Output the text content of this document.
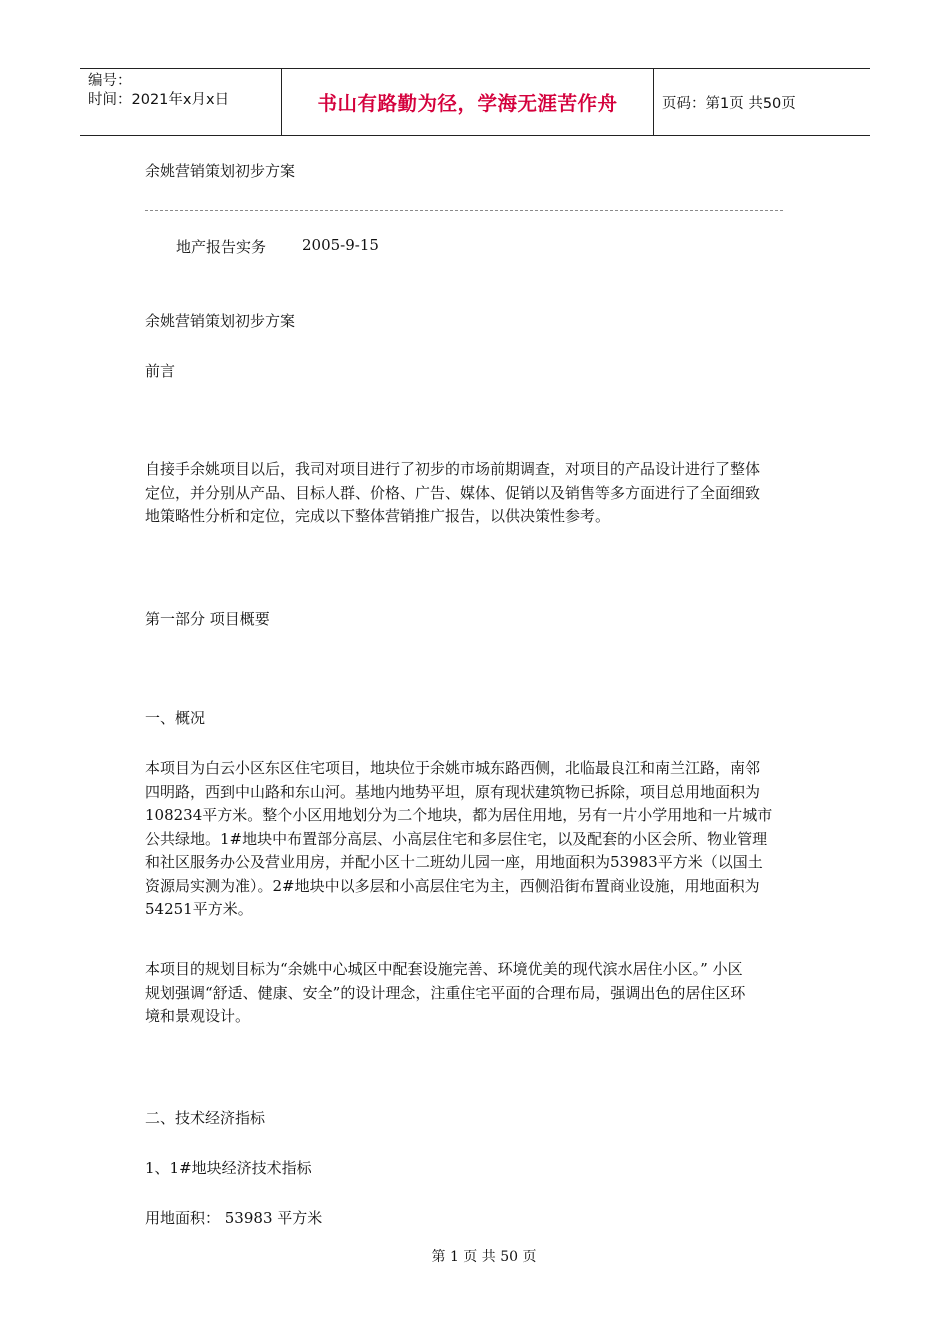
编号：
时间：2021年x月x日	书山有路勤为径，学海无涯苦作舟	页码：第1页 共50页

余姚营销策划初步方案

地产报告实务 2005-9-15

余姚营销策划初步方案

前言

自接手余姚项目以后，我司对项目进行了初步的市场前期调查，对项目的产品设计进行了整体
定位，并分别从产品、目标人群、价格、广告、媒体、促销以及销售等多方面进行了全面细致
地策略性分析和定位，完成以下整体营销推广报告，以供决策性参考。

第一部分 项目概要

一、概况

本项目为白云小区东区住宅项目，地块位于余姚市城东路西侧，北临最良江和南兰江路，南邻
四明路，西到中山路和东山河。基地内地势平坦，原有现状建筑物已拆除，项目总用地面积为
108234平方米。整个小区用地划分为二个地块，都为居住用地，另有一片小学用地和一片城市
公共绿地。1#地块中布置部分高层、小高层住宅和多层住宅，以及配套的小区会所、物业管理
和社区服务办公及营业用房，并配小区十二班幼儿园一座，用地面积为53983平方米（以国土
资源局实测为准）。2#地块中以多层和小高层住宅为主，西侧沿街布置商业设施，用地面积为
54251平方米。
本项目的规划目标为“余姚中心城区中配套设施完善、环境优美的现代滨水居住小区。” 小区
规划强调“舒适、健康、安全”的设计理念，注重住宅平面的合理布局，强调出色的居住区环
境和景观设计。

二、技术经济指标

1、1#地块经济技术指标

用地面积： 53983 平方米

第 1 页 共 50 页
